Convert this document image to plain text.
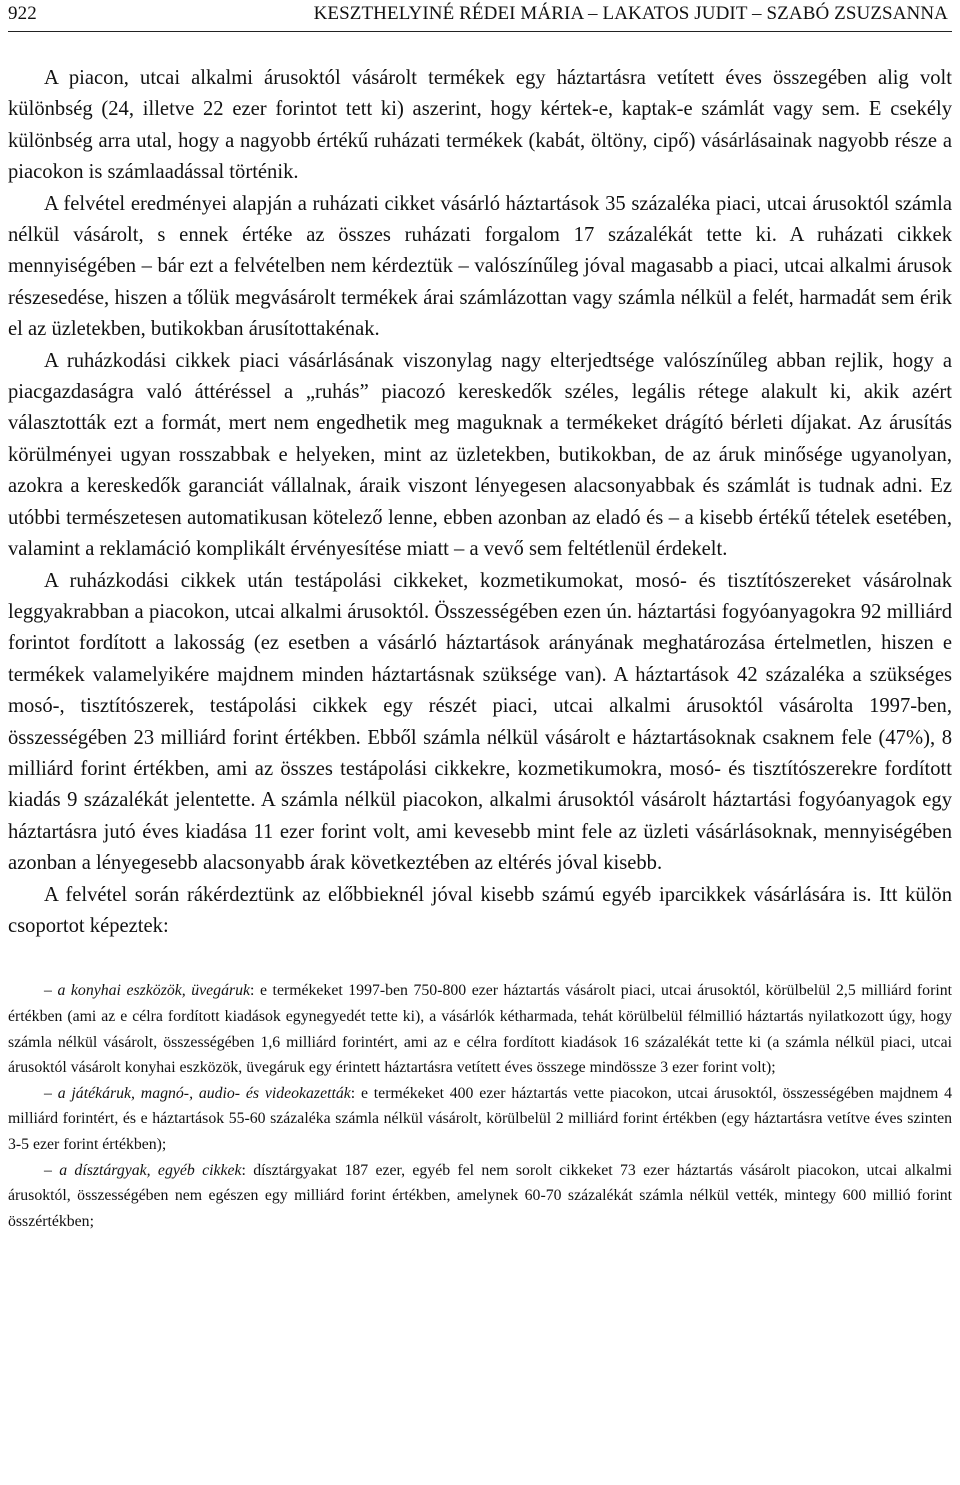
922	KESZTHELYINÉ RÉDEI MÁRIA – LAKATOS JUDIT – SZABÓ ZSUZSANNA

A piacon, utcai alkalmi árusoktól vásárolt termékek egy háztartásra vetített éves összegében alig volt különbség (24, illetve 22 ezer forintot tett ki) aszerint, hogy kértek-e, kaptak-e számlát vagy sem. E csekély különbség arra utal, hogy a nagyobb értékű ruházati termékek (kabát, öltöny, cipő) vásárlásainak nagyobb része a piacokon is számlaadással történik.

A felvétel eredményei alapján a ruházati cikket vásárló háztartások 35 százaléka piaci, utcai árusoktól számla nélkül vásárolt, s ennek értéke az összes ruházati forgalom 17 százalékát tette ki. A ruházati cikkek mennyiségében – bár ezt a felvételben nem kérdeztük – valószínűleg jóval magasabb a piaci, utcai alkalmi árusok részesedése, hiszen a tőlük megvásárolt termékek árai számlázottan vagy számla nélkül a felét, harmadát sem érik el az üzletekben, butikokban árusítottakénak.

A ruházkodási cikkek piaci vásárlásának viszonylag nagy elterjedtsége valószínűleg abban rejlik, hogy a piacgazdaságra való áttéréssel a „ruhás” piacozó kereskedők széles, legális rétege alakult ki, akik azért választották ezt a formát, mert nem engedhetik meg maguknak a termékeket drágító bérleti díjakat. Az árusítás körülményei ugyan rosszabbak e helyeken, mint az üzletekben, butikokban, de az áruk minősége ugyanolyan, azokra a kereskedők garanciát vállalnak, áraik viszont lényegesen alacsonyabbak és számlát is tudnak adni. Ez utóbbi természetesen automatikusan kötelező lenne, ebben azonban az eladó és – a kisebb értékű tételek esetében, valamint a reklamáció komplikált érvényesítése miatt – a vevő sem feltétlenül érdekelt.

A ruházkodási cikkek után testápolási cikkeket, kozmetikumokat, mosó- és tisztítószereket vásárolnak leggyakrabban a piacokon, utcai alkalmi árusoktól. Összességében ezen ún. háztartási fogyóanyagokra 92 milliárd forintot fordított a lakosság (ez esetben a vásárló háztartások arányának meghatározása értelmetlen, hiszen e termékek valamelyikére majdnem minden háztartásnak szüksége van). A háztartások 42 százaléka a szükséges mosó-, tisztítószerek, testápolási cikkek egy részét piaci, utcai alkalmi árusoktól vásárolta 1997-ben, összességében 23 milliárd forint értékben. Ebből számla nélkül vásárolt e háztartásoknak csaknem fele (47%), 8 milliárd forint értékben, ami az összes testápolási cikkekre, kozmetikumokra, mosó- és tisztítószerekre fordított kiadás 9 százalékát jelentette. A számla nélkül piacokon, alkalmi árusoktól vásárolt háztartási fogyóanyagok egy háztartásra jutó éves kiadása 11 ezer forint volt, ami kevesebb mint fele az üzleti vásárlásoknak, mennyiségében azonban a lényegesebb alacsonyabb árak következtében az eltérés jóval kisebb.

A felvétel során rákérdeztünk az előbbieknél jóval kisebb számú egyéb iparcikkek vásárlására is. Itt külön csoportot képeztek:

– a konyhai eszközök, üvegáruk: e termékeket 1997-ben 750-800 ezer háztartás vásárolt piaci, utcai árusoktól, körülbelül 2,5 milliárd forint értékben (ami az e célra fordított kiadások egynegyedét tette ki), a vásárlók kétharmada, tehát körülbelül félmillió háztartás nyilatkozott úgy, hogy számla nélkül vásárolt, összességében 1,6 milliárd forintért, ami az e célra fordított kiadások 16 százalékát tette ki (a számla nélkül piaci, utcai árusoktól vásárolt konyhai eszközök, üvegáruk egy érintett háztartásra vetített éves összege mindössze 3 ezer forint volt);

– a játékáruk, magnó-, audio- és videokazetták: e termékeket 400 ezer háztartás vette piacokon, utcai árusoktól, összességében majdnem 4 milliárd forintért, és e háztartások 55-60 százaléka számla nélkül vásárolt, körülbelül 2 milliárd forint értékben (egy háztartásra vetítve éves szinten 3-5 ezer forint értékben);

– a dísztárgyak, egyéb cikkek: dísztárgyakat 187 ezer, egyéb fel nem sorolt cikkeket 73 ezer háztartás vásárolt piacokon, utcai alkalmi árusoktól, összességében nem egészen egy milliárd forint értékben, amelynek 60-70 százalékát számla nélkül vették, mintegy 600 millió forint összértékben;
